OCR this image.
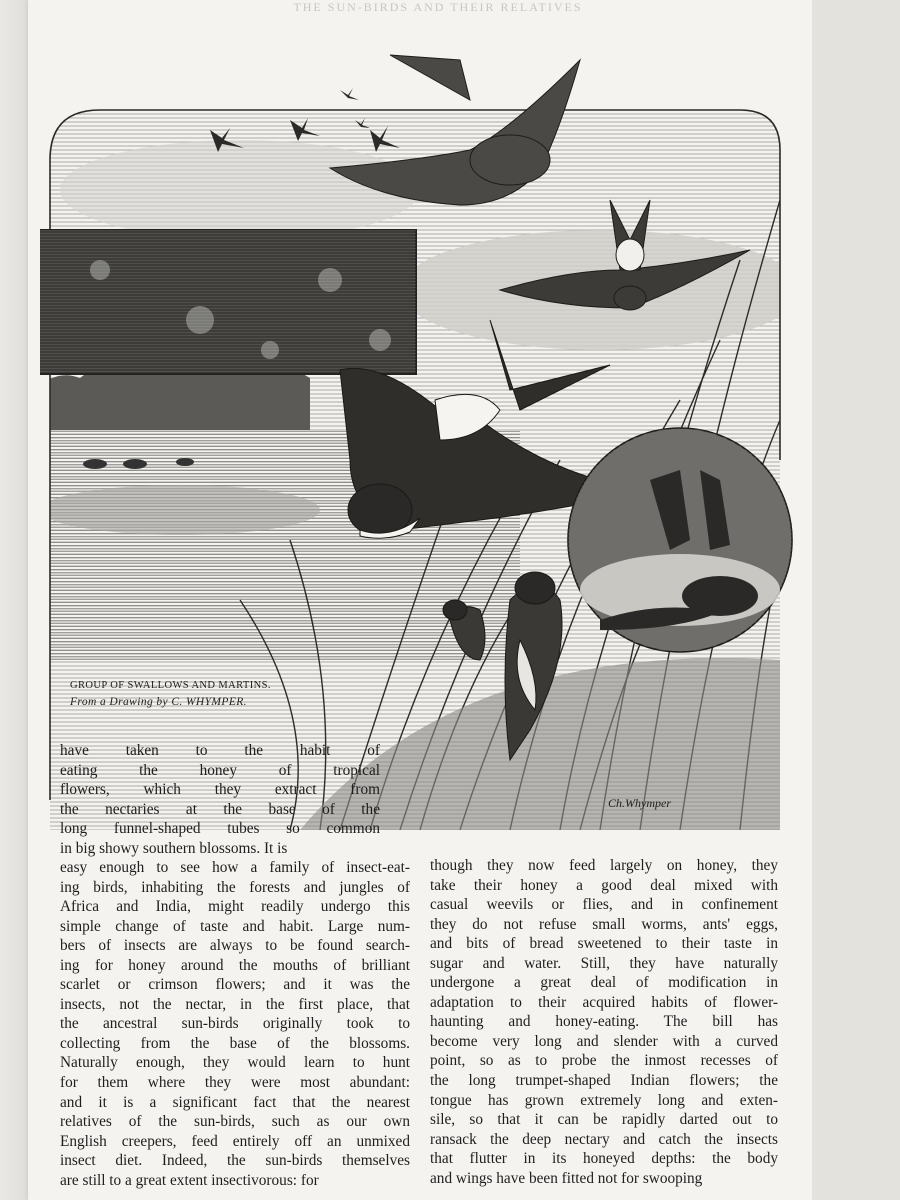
THE SUN-BIRDS AND THEIR RELATIVES
GROUP OF SWALLOWS AND MARTINS.
From a Drawing by C. WHYMPER.
Ch.Whymper
have taken to the habit of
eating the honey of tropical
flowers, which they extract from
the nectaries at the base of the
long funnel-shaped tubes so common
in big showy southern blossoms. It is
easy enough to see how a family of insect-eat-
ing birds, inhabiting the forests and jungles of
Africa and India, might readily undergo this
simple change of taste and habit. Large num-
bers of insects are always to be found search-
ing for honey around the mouths of brilliant
scarlet or crimson flowers; and it was the
insects, not the nectar, in the first place, that
the ancestral sun-birds originally took to
collecting from the base of the blossoms.
Naturally enough, they would learn to hunt
for them where they were most abundant:
and it is a significant fact that the nearest
relatives of the sun-birds, such as our own
English creepers, feed entirely off an unmixed
insect diet. Indeed, the sun-birds themselves
are still to a great extent insectivorous: for
though they now feed largely on honey, they
take their honey a good deal mixed with
casual weevils or flies, and in confinement
they do not refuse small worms, ants' eggs,
and bits of bread sweetened to their taste in
sugar and water. Still, they have naturally
undergone a great deal of modification in
adaptation to their acquired habits of flower-
haunting and honey-eating. The bill has
become very long and slender with a curved
point, so as to probe the inmost recesses of
the long trumpet-shaped Indian flowers; the
tongue has grown extremely long and exten-
sile, so that it can be rapidly darted out to
ransack the deep nectary and catch the insects
that flutter in its honeyed depths: the body
and wings have been fitted not for swooping
